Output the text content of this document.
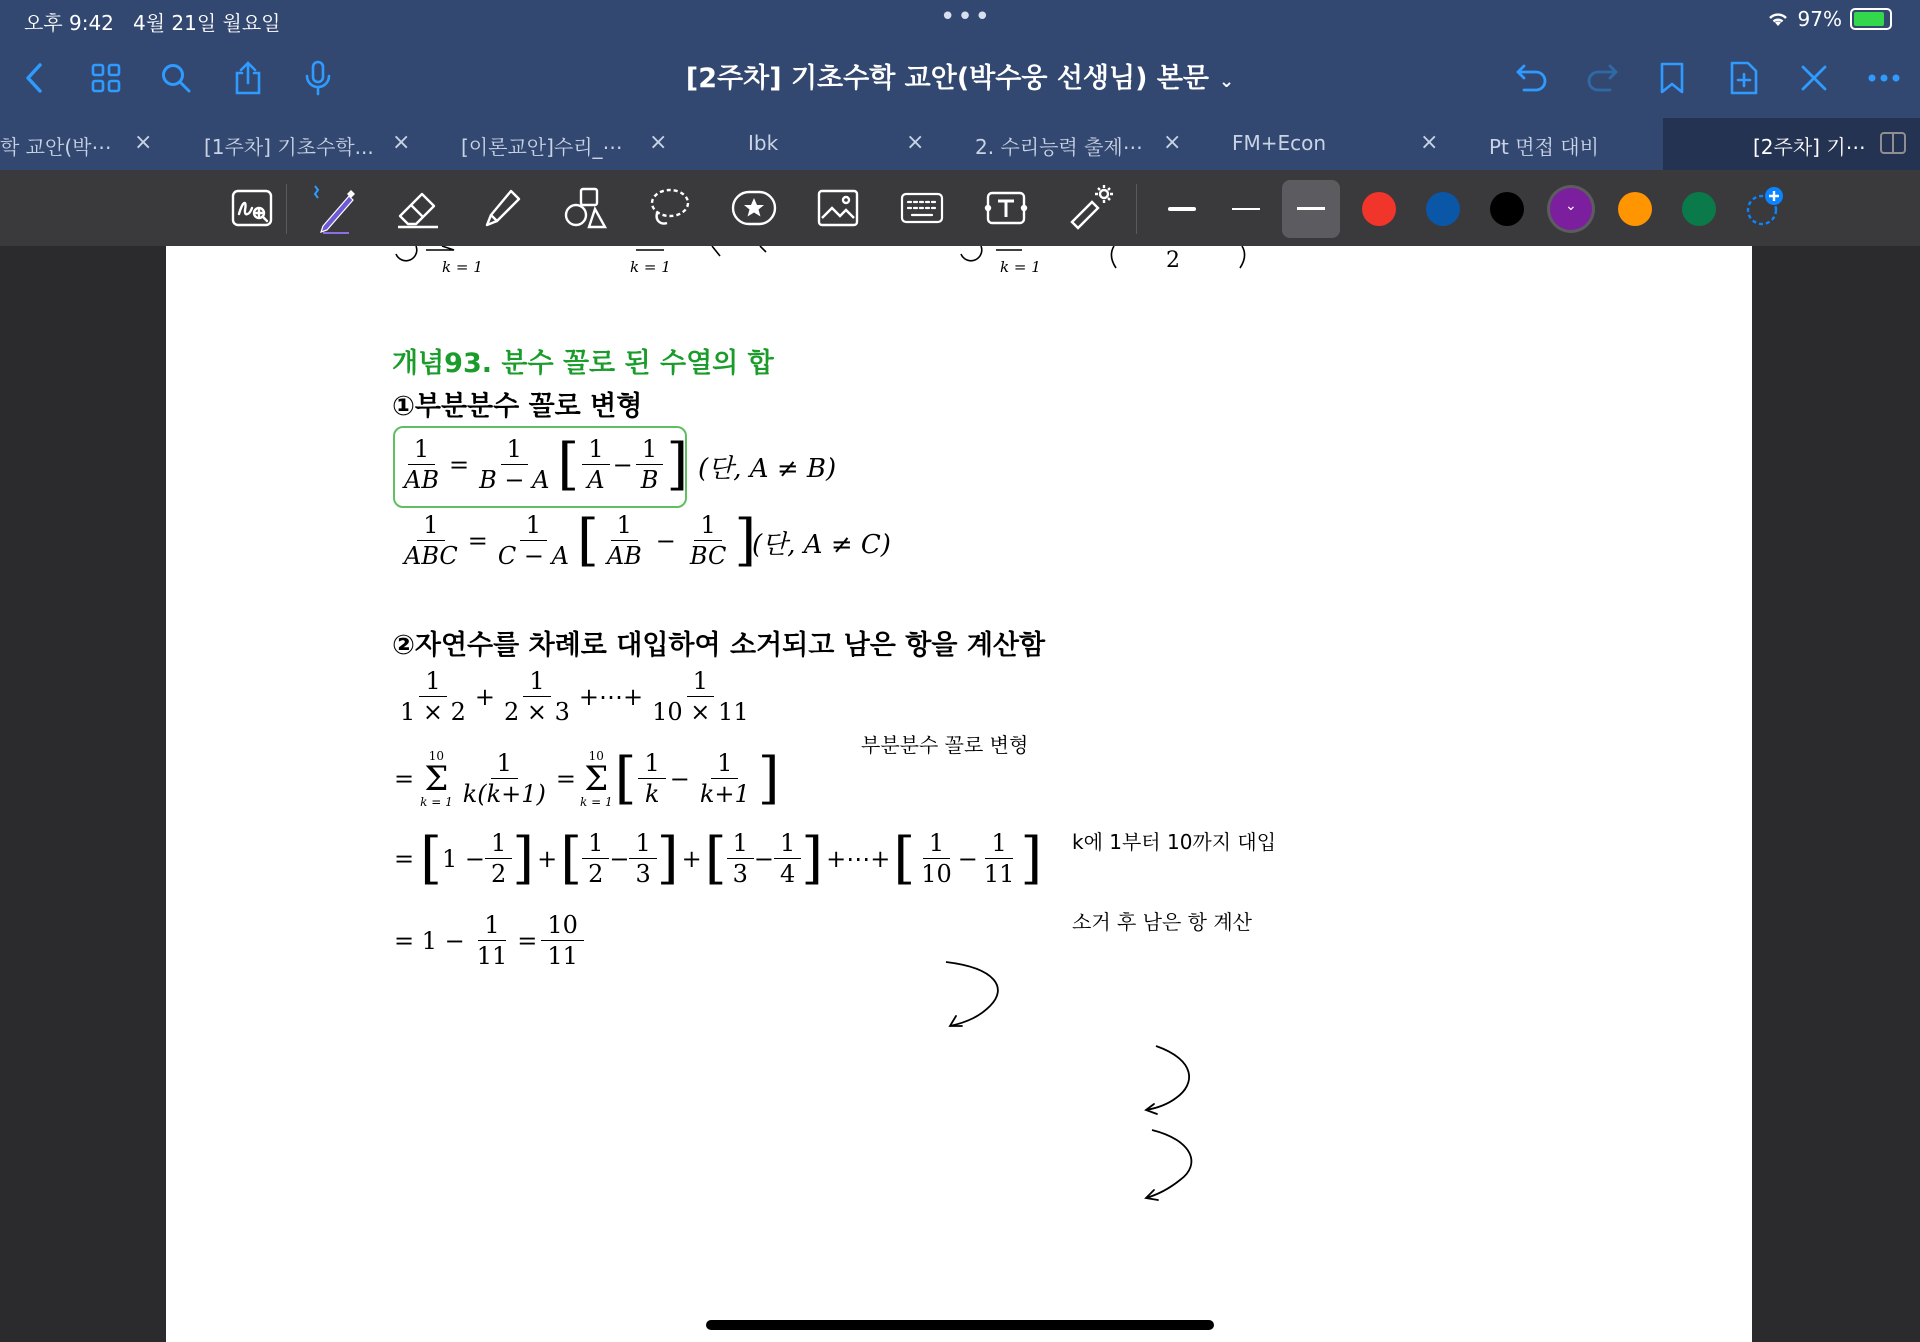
오후 9:42 4월 21일 월요일	•••	97%
[2주차] 기초수학 교안(박수웅 선생님) 본문 ⌄
학 교안(박⋯ ×	[1주차] 기초수학... ×	[이론교안]수리_⋯ ×	Ibk	×	2. 수리능력 출제⋯ ×	FM+Econ	×	Pt 면접 대비	[2주차] 기⋯
⌄
k = 1	k = 1	k = 1	2
개념93. 분수 꼴로 된 수열의 합
①부분분수 꼴로 변형
$\frac{1}{AB} = \frac{1}{B - A}$ [ $\frac{1}{A} - \frac{1}{B}$ ] (단, A ≠ B)
$\frac{1}{\text{ABC}} = \frac{1}{C - A}$ [ $\frac{1}{AB} - \frac{1}{BC}$ ]
(단, A ≠ C)
②자연수를 차례로 대입하여 소거되고 남은 항을 계산함
$\frac{1}{1 \times 2} + \frac{1}{2 \times 3}$ +⋯+ $\frac{1}{10 \times 11}$
=
10
Σ
$k = 1 \frac{1}{k(k+1)}$ =
10
Σ
k = 1 [ $\frac{1}{k} - \frac{1}{k+1}$ ]
= [ $1 - \frac{1}{2}$ ] + [ $\frac{1}{2} - \frac{1}{3}$ ] + [ $\frac{1}{3} - \frac{1}{4}$ ] +⋯+ [ $\frac{1}{10} - \frac{1}{11}$ ]
= $1 - \frac{1}{11} = \frac{10}{11}$
부분분수 꼴로 변형
k에 1부터 10까지 대입
소거 후 남은 항 계산
